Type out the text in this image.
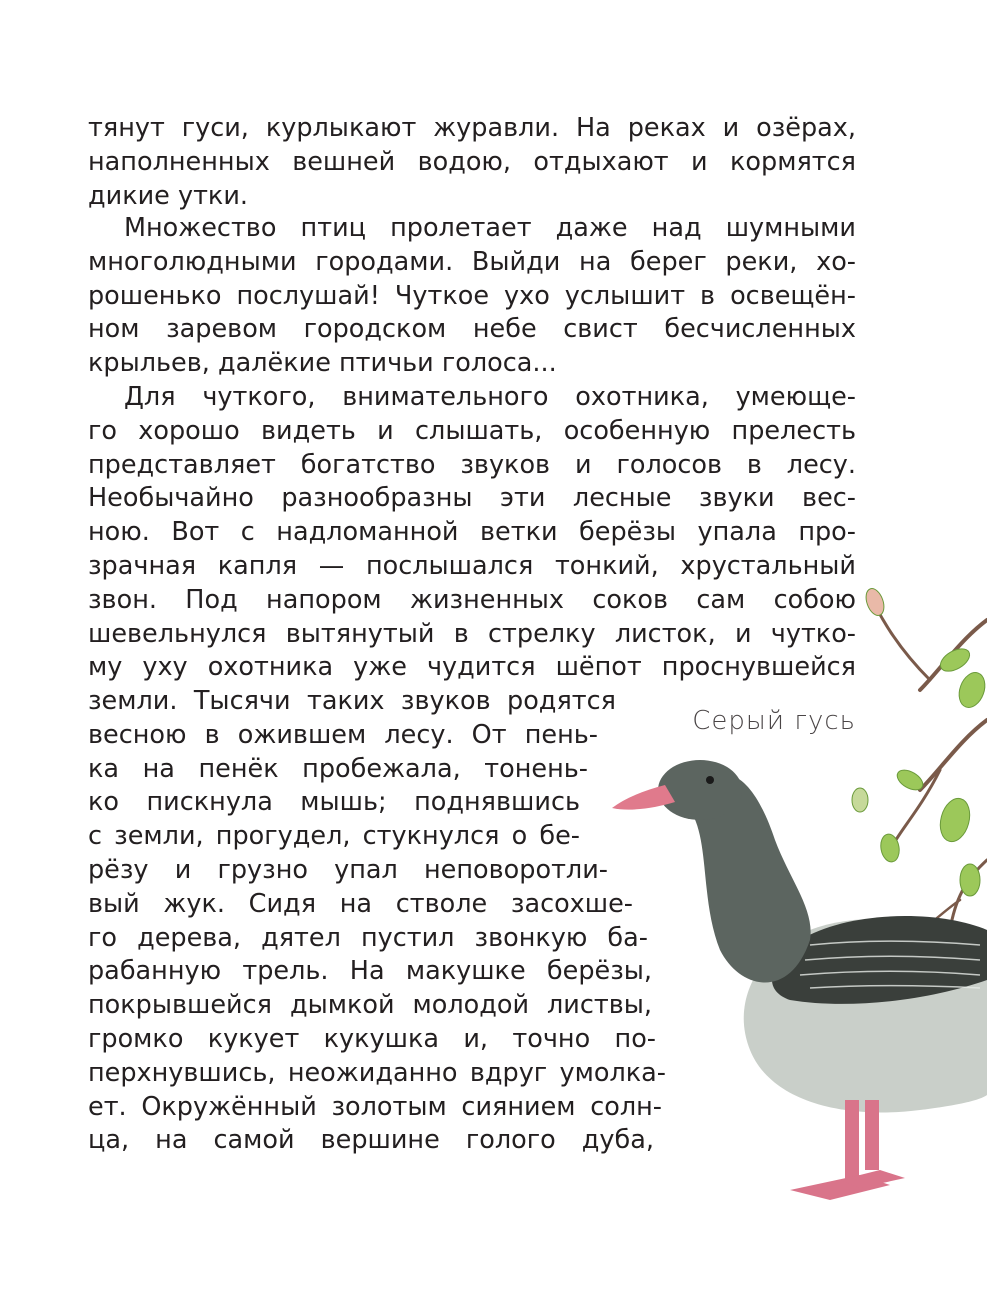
тянут гуси, курлыкают журавли. На реках и озёрах,
наполненных вешней водою, отдыхают и кормятся
дикие утки.
Множество птиц пролетает даже над шумными
многолюдными городами. Выйди на берег реки, хо-
рошенько послушай! Чуткое ухо услышит в освещён-
ном заревом городском небе свист бесчисленных
крыльев, далёкие птичьи голоса...
Для чуткого, внимательного охотника, умеюще-
го хорошо видеть и слышать, особенную прелесть
представляет богатство звуков и голосов в лесу.
Необычайно разнообразны эти лесные звуки вес-
ною. Вот с надломанной ветки берёзы упала про-
зрачная капля — послышался тонкий, хрустальный
звон. Под напором жизненных соков сам собою
шевельнулся вытянутый в стрелку листок, и чутко-
му уху охотника уже чудится шёпот проснувшейся
земли. Тысячи таких звуков родятся
весною в ожившем лесу. От пень-
ка на пенёк пробежала, тонень-
ко пискнула мышь; поднявшись
с земли, прогудел, стукнулся о бе-
рёзу и грузно упал неповоротли-
вый жук. Сидя на стволе засохше-
го дерева, дятел пустил звонкую ба-
рабанную трель. На макушке берёзы,
покрывшейся дымкой молодой листвы,
громко кукует кукушка и, точно по-
перхнувшись, неожиданно вдруг умолка-
ет. Окружённый золотым сиянием солн-
ца, на самой вершине голого дуба,
Серый гусь
